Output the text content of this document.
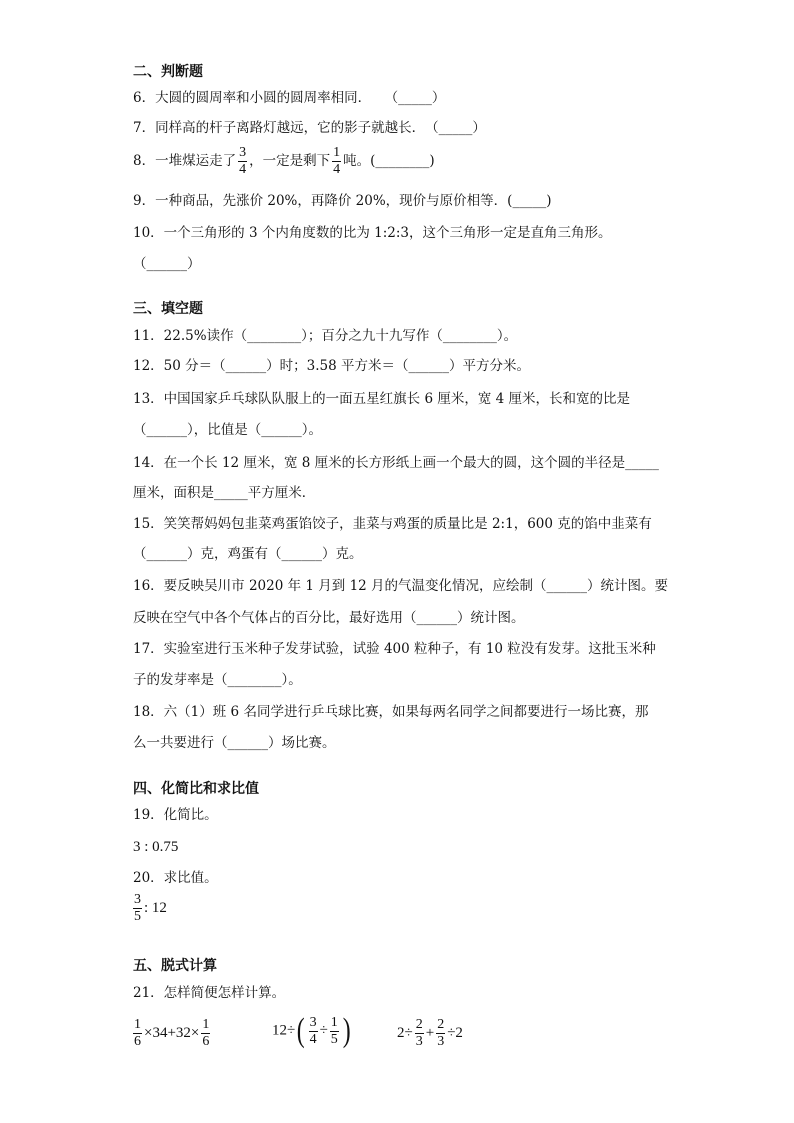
二、判断题
6．大圆的圆周率和小圆的圆周率相同．　　（_____）
7．同样高的杆子离路灯越远，它的影子就越长．　（_____）
8．一堆煤运走了 $\frac{3}{4}$ ，一定是剩下 $\frac{1}{4}$ 吨。(________)
9．一种商品，先涨价 20%，再降价 20%，现价与原价相等．(_____)
10．一个三角形的 3 个内角度数的比为 1:2:3，这个三角形一定是直角三角形。
（______）
三、填空题
11．22.5%读作（________）；百分之九十九写作（________）。
12．50 分＝（______）时；3.58 平方米＝（______）平方分米。
13．中国国家乒乓球队队服上的一面五星红旗长 6 厘米，宽 4 厘米，长和宽的比是
（______），比值是（______）。
14．在一个长 12 厘米，宽 8 厘米的长方形纸上画一个最大的圆，这个圆的半径是_____
厘米，面积是_____平方厘米．
15．笑笑帮妈妈包韭菜鸡蛋馅饺子，韭菜与鸡蛋的质量比是 2:1，600 克的馅中韭菜有
（______）克，鸡蛋有（______）克。
16．要反映吴川市 2020 年 1 月到 12 月的气温变化情况，应绘制（______）统计图。要
反映在空气中各个气体占的百分比，最好选用（______）统计图。
17．实验室进行玉米种子发芽试验，试验 400 粒种子，有 10 粒没有发芽。这批玉米种
子的发芽率是（________）。
18．六（1）班 6 名同学进行乒乓球比赛，如果每两名同学之间都要进行一场比赛，那
么一共要进行（______）场比赛。
四、化简比和求比值
19．化简比。
3 : 0.75
20．求比值。
$\frac{3}{5}$ : 12
五、脱式计算
21．怎样简便怎样计算。
$\frac{1}{6} \times 34+32\times \frac{1}{6}$	$12\div( \frac{3}{4} \div \frac{1}{5}$ )	$2\div \frac{2}{3} + \frac{2}{3} \div 2$
